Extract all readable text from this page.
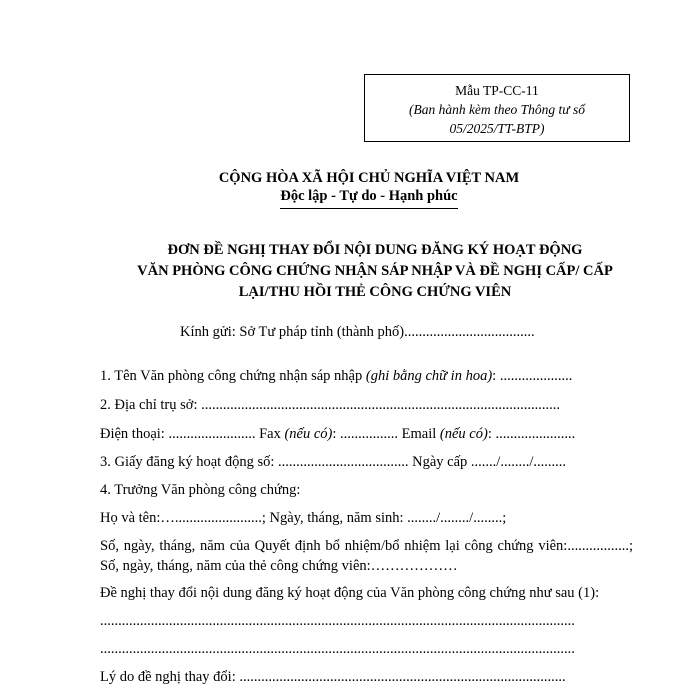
Mẫu TP-CC-11
(Ban hành kèm theo Thông tư số
05/2025/TT-BTP)
CỘNG HÒA XÃ HỘI CHỦ NGHĨA VIỆT NAM
Độc lập - Tự do - Hạnh phúc
ĐƠN ĐỀ NGHỊ THAY ĐỔI NỘI DUNG ĐĂNG KÝ HOẠT ĐỘNG
VĂN PHÒNG CÔNG CHỨNG NHẬN SÁP NHẬP VÀ ĐỀ NGHỊ CẤP/ CẤP
LẠI/THU HỒI THẺ CÔNG CHỨNG VIÊN
Kính gửi: Sở Tư pháp tỉnh (thành phố)....................................
1. Tên Văn phòng công chứng nhận sáp nhập (ghi bằng chữ in hoa): ....................
2. Địa chỉ trụ sở: ...................................................................................................
Điện thoại: ........................ Fax (nếu có): ................ Email (nếu có): ......................
3. Giấy đăng ký hoạt động số: .................................... Ngày cấp ......./......../.........
4. Trưởng Văn phòng công chứng:
Họ và tên:…........................; Ngày, tháng, năm sinh: ......../......../........;
Số, ngày, tháng, năm của Quyết định bổ nhiệm/bổ nhiệm lại công chứng viên:.................; Số, ngày, tháng, năm của thẻ công chứng viên:………………
Đề nghị thay đổi nội dung đăng ký hoạt động của Văn phòng công chứng như sau (1):
...................................................................................................................................
...................................................................................................................................
Lý do đề nghị thay đổi: ..........................................................................................
